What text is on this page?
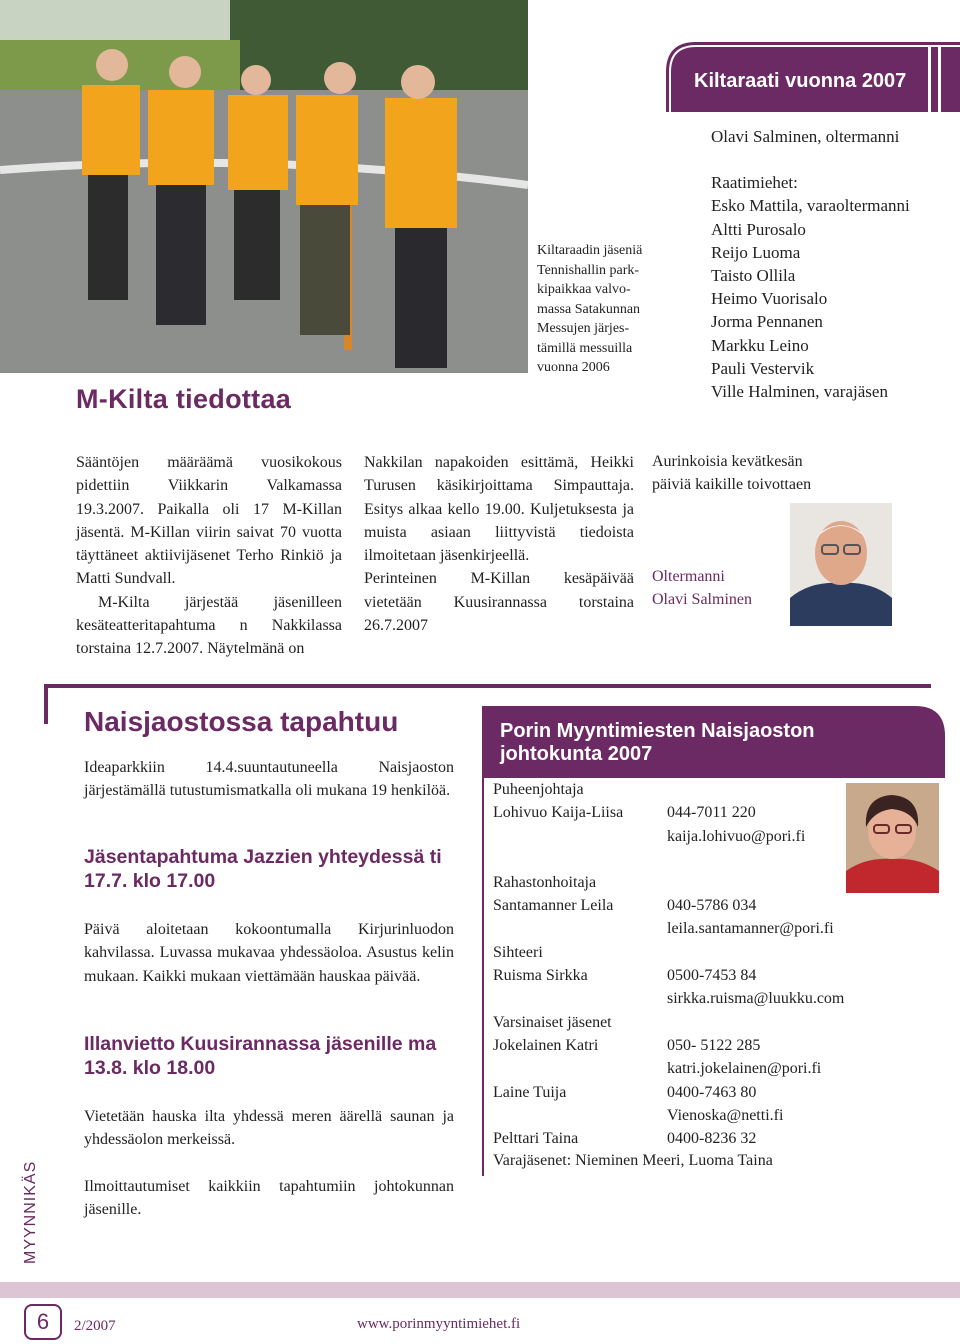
Kiltaraadin jäseniä
Tennishallin park-
kipaikkaa valvo-
massa Satakunnan
Messujen järjes-
tämillä messuilla
vuonna 2006
Kiltaraati vuonna 2007
Olavi Salminen, oltermanni
Raatimiehet:
Esko Mattila, varaoltermanni
Altti Purosalo
Reijo Luoma
Taisto Ollila
Heimo Vuorisalo
Jorma Pennanen
Markku Leino
Pauli Vestervik
Ville Halminen, varajäsen
M-Kilta tiedottaa
Sääntöjen määräämä vuosikokous pidettiin Viikkarin Valkamassa 19.3.2007. Paikalla oli 17 M-Killan jäsentä. M-Killan viirin saivat 70 vuotta täyttäneet aktiivijäsenet Terho Rinkiö ja Matti Sundvall.
M-Kilta järjestää jäsenilleen kesäteatteritapahtuma n Nakkilassa torstaina 12.7.2007. Näytelmänä on
Nakkilan napakoiden esittämä, Heikki Turusen käsikirjoittama Simpauttaja. Esitys alkaa kello 19.00. Kuljetuksesta ja muista asiaan liittyvistä tiedoista ilmoitetaan jäsenkirjeellä.
Perinteinen M-Killan kesäpäivää vietetään Kuusirannassa torstaina 26.7.2007
Aurinkoisia kevätkesän päiviä kaikille toivottaen
Oltermanni
Olavi Salminen
Naisjaostossa tapahtuu
Ideaparkkiin 14.4.suuntautuneella Naisjaoston järjestämällä tutustumismatkalla oli mukana 19 henkilöä.
Jäsentapahtuma Jazzien yhteydessä ti 17.7. klo 17.00
Päivä aloitetaan kokoontumalla Kirjurinluodon kahvilassa. Luvassa mukavaa yhdessäoloa. Asustus kelin mukaan. Kaikki mukaan viettämään hauskaa päivää.
Illanvietto Kuusirannassa jäsenille ma 13.8. klo 18.00
Vietetään hauska ilta yhdessä meren äärellä saunan ja yhdessäolon merkeissä.
Ilmoittautumiset kaikkiin tapahtumiin johtokunnan jäsenille.
Porin Myyntimiesten Naisjaoston
johtokunta 2007
Puheenjohtaja
Lohivuo Kaija-Liisa	044-7011 220
kaija.lohivuo@pori.fi
Rahastonhoitaja
Santamanner Leila	040-5786 034
leila.santamanner@pori.fi
Sihteeri
Ruisma Sirkka	0500-7453 84
sirkka.ruisma@luukku.com
Varsinaiset jäsenet
Jokelainen Katri	050- 5122 285
katri.jokelainen@pori.fi
Laine Tuija	0400-7463 80
Vienoska@netti.fi
Pelttari Taina	0400-8236 32
Varajäsenet: Nieminen Meeri, Luoma Taina
MYYNNIKÄS
6	2/2007	www.porinmyyntimiehet.fi
